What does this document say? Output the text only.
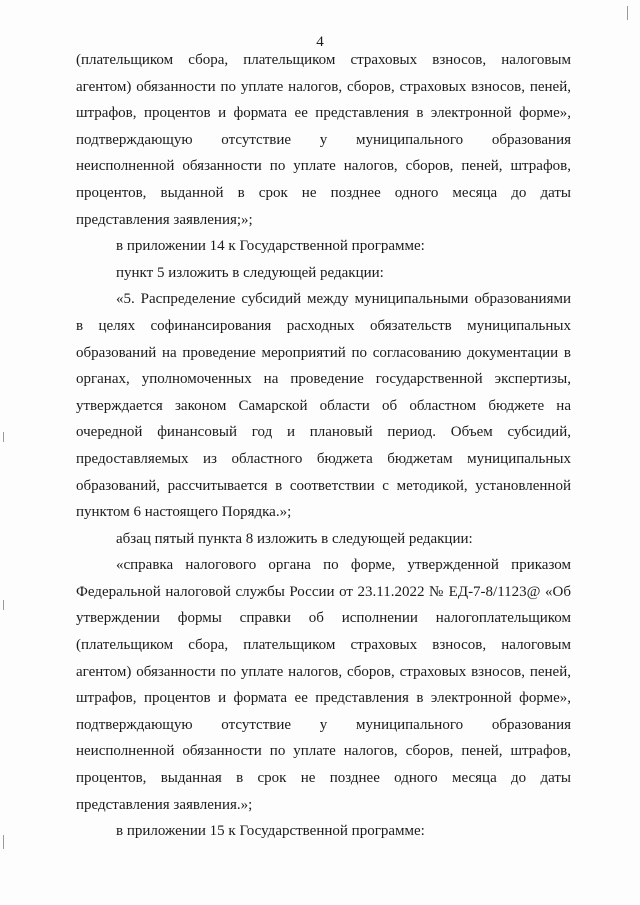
4

(плательщиком сбора, плательщиком страховых взносов, налоговым агентом) обязанности по уплате налогов, сборов, страховых взносов, пеней, штрафов, процентов и формата ее представления в электронной форме», подтверждающую отсутствие у муниципального образования неисполненной обязанности по уплате налогов, сборов, пеней, штрафов, процентов, выданной в срок не позднее одного месяца до даты представления заявления;»;

в приложении 14 к Государственной программе:

пункт 5 изложить в следующей редакции:

«5. Распределение субсидий между муниципальными образованиями в целях софинансирования расходных обязательств муниципальных образований на проведение мероприятий по согласованию документации в органах, уполномоченных на проведение государственной экспертизы, утверждается законом Самарской области об областном бюджете на очередной финансовый год и плановый период. Объем субсидий, предоставляемых из областного бюджета бюджетам муниципальных образований, рассчитывается в соответствии с методикой, установленной пунктом 6 настоящего Порядка.»;

абзац пятый пункта 8 изложить в следующей редакции:

«справка налогового органа по форме, утвержденной приказом Федеральной налоговой службы России от 23.11.2022 № ЕД-7-8/1123@ «Об утверждении формы справки об исполнении налогоплательщиком (плательщиком сбора, плательщиком страховых взносов, налоговым агентом) обязанности по уплате налогов, сборов, страховых взносов, пеней, штрафов, процентов и формата ее представления в электронной форме», подтверждающую отсутствие у муниципального образования неисполненной обязанности по уплате налогов, сборов, пеней, штрафов, процентов, выданная в срок не позднее одного месяца до даты представления заявления.»;

в приложении 15 к Государственной программе:
